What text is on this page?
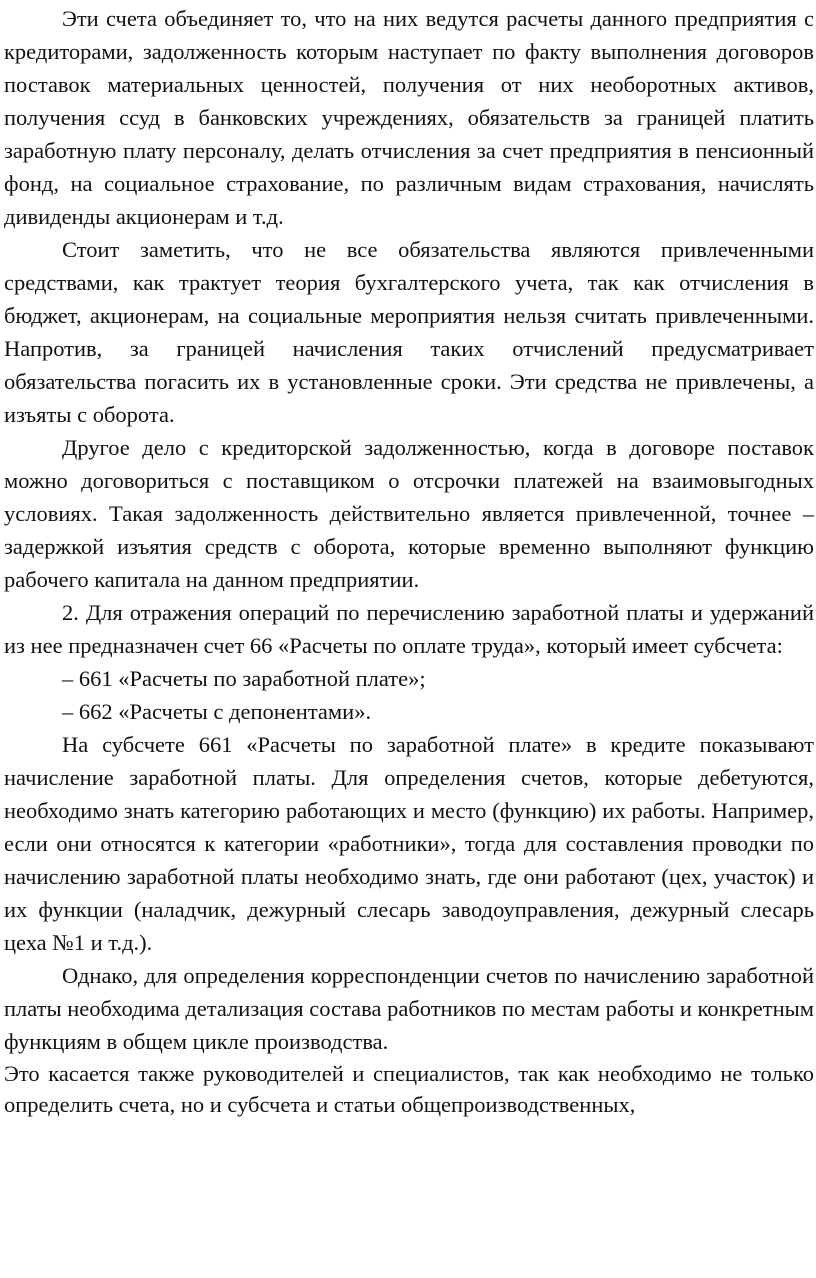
Эти счета объединяет то, что на них ведутся расчеты данного предприятия с кредиторами, задолженность которым наступает по факту выполнения договоров поставок материальных ценностей, получения от них необоротных активов, получения ссуд в банковских учреждениях, обязательств за границей платить заработную плату персоналу, делать отчисления за счет предприятия в пенсионный фонд, на социальное страхование, по различным видам страхования, начислять дивиденды акционерам и т.д.

Стоит заметить, что не все обязательства являются привлеченными средствами, как трактует теория бухгалтерского учета, так как отчисления в бюджет, акционерам, на социальные мероприятия нельзя считать привлеченными. Напротив, за границей начисления таких отчислений предусматривает обязательства погасить их в установленные сроки. Эти средства не привлечены, а изъяты с оборота.

Другое дело с кредиторской задолженностью, когда в договоре поставок можно договориться с поставщиком о отсрочки платежей на взаимовыгодных условиях. Такая задолженность действительно является привлеченной, точнее – задержкой изъятия средств с оборота, которые временно выполняют функцию рабочего капитала на данном предприятии.

2. Для отражения операций по перечислению заработной платы и удержаний из нее предназначен счет 66 «Расчеты по оплате труда», который имеет субсчета:

– 661 «Расчеты по заработной плате»;

– 662 «Расчеты с депонентами».

На субсчете 661 «Расчеты по заработной плате» в кредите показывают начисление заработной платы. Для определения счетов, которые дебетуются, необходимо знать категорию работающих и место (функцию) их работы. Например, если они относятся к категории «работники», тогда для составления проводки по начислению заработной платы необходимо знать, где они работают (цех, участок) и их функции (наладчик, дежурный слесарь заводоуправления, дежурный слесарь цеха №1 и т.д.).

Однако, для определения корреспонденции счетов по начислению заработной платы необходима детализация состава работников по местам работы и конкретным функциям в общем цикле производства.

Это касается также руководителей и специалистов, так как необходимо не только определить счета, но и субсчета и статьи общепроизводственных,
